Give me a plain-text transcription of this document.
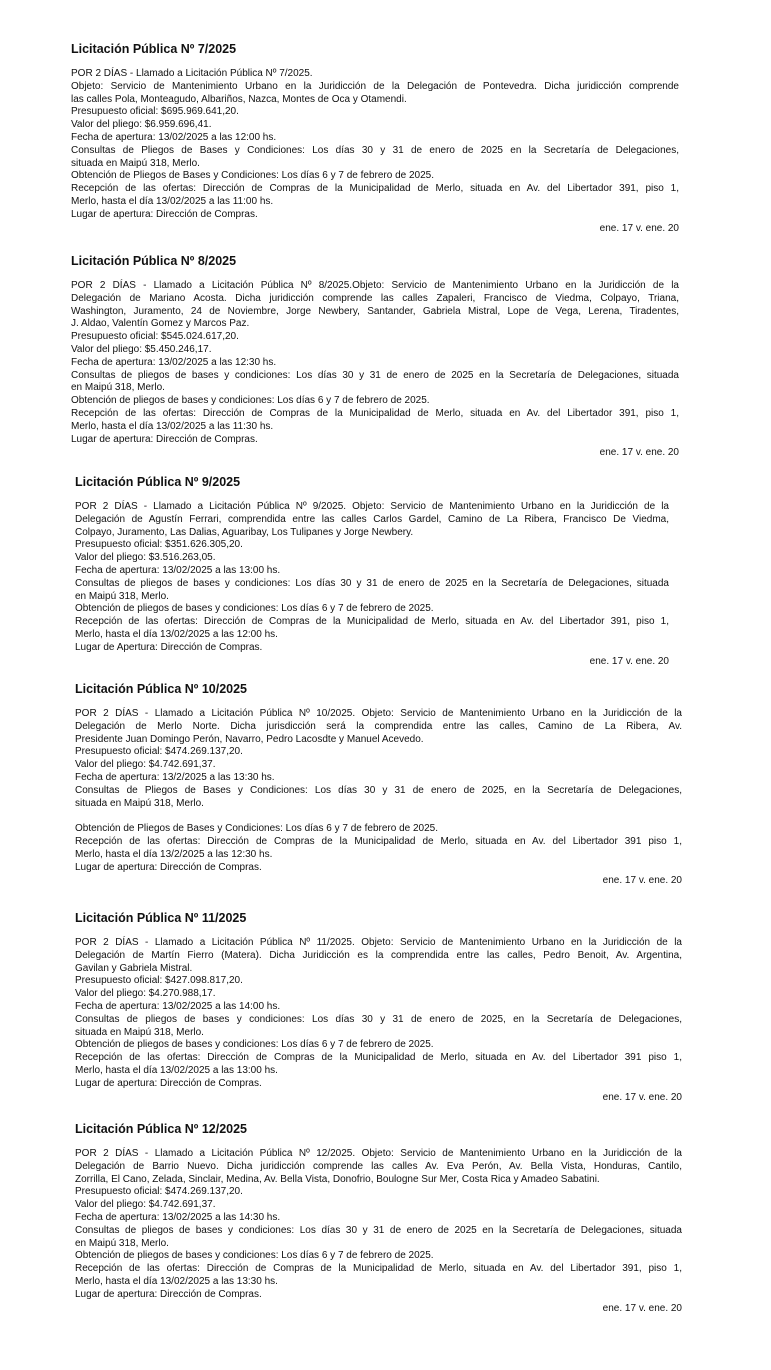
Licitación Pública Nº 7/2025
POR 2 DÍAS - Llamado a Licitación Pública Nº 7/2025.
Objeto: Servicio de Mantenimiento Urbano en la Juridicción de la Delegación de Pontevedra. Dicha juridicción comprende
las calles Pola, Monteagudo, Albariños, Nazca, Montes de Oca y Otamendi.
Presupuesto oficial: $695.969.641,20.
Valor del pliego: $6.959.696,41.
Fecha de apertura: 13/02/2025 a las 12:00 hs.
Consultas de Pliegos de Bases y Condiciones: Los días 30 y 31 de enero de 2025 en la Secretaría de Delegaciones,
situada en Maipú 318, Merlo.
Obtención de Pliegos de Bases y Condiciones: Los días 6 y 7 de febrero de 2025.
Recepción de las ofertas: Dirección de Compras de la Municipalidad de Merlo, situada en Av. del Libertador 391, piso 1,
Merlo, hasta el día 13/02/2025 a las 11:00 hs.
Lugar de apertura: Dirección de Compras.
ene. 17 v. ene. 20
Licitación Pública Nº 8/2025
POR 2 DÍAS - Llamado a Licitación Pública Nº 8/2025.Objeto: Servicio de Mantenimiento Urbano en la Juridicción de la
Delegación de Mariano Acosta. Dicha juridicción comprende las calles Zapaleri, Francisco de Viedma, Colpayo, Triana,
Washington, Juramento, 24 de Noviembre, Jorge Newbery, Santander, Gabriela Mistral, Lope de Vega, Lerena, Tiradentes,
J. Aldao, Valentín Gomez y Marcos Paz.
Presupuesto oficial: $545.024.617,20.
Valor del pliego: $5.450.246,17.
Fecha de apertura: 13/02/2025 a las 12:30 hs.
Consultas de pliegos de bases y condiciones: Los días 30 y 31 de enero de 2025 en la Secretaría de Delegaciones, situada
en Maipú 318, Merlo.
Obtención de pliegos de bases y condiciones: Los días 6 y 7 de febrero de 2025.
Recepción de las ofertas: Dirección de Compras de la Municipalidad de Merlo, situada en Av. del Libertador 391, piso 1,
Merlo, hasta el día 13/02/2025 a las 11:30 hs.
Lugar de apertura: Dirección de Compras.
ene. 17 v. ene. 20
Licitación Pública Nº 9/2025
POR 2 DÍAS - Llamado a Licitación Pública Nº 9/2025. Objeto: Servicio de Mantenimiento Urbano en la Juridicción de la
Delegación de Agustín Ferrari, comprendida entre las calles Carlos Gardel, Camino de La Ribera, Francisco De Viedma,
Colpayo, Juramento, Las Dalias, Aguaribay, Los Tulipanes y Jorge Newbery.
Presupuesto oficial: $351.626.305,20.
Valor del pliego: $3.516.263,05.
Fecha de apertura: 13/02/2025 a las 13:00 hs.
Consultas de pliegos de bases y condiciones: Los días 30 y 31 de enero de 2025 en la Secretaría de Delegaciones, situada
en Maipú 318, Merlo.
Obtención de pliegos de bases y condiciones: Los días 6 y 7 de febrero de 2025.
Recepción de las ofertas: Dirección de Compras de la Municipalidad de Merlo, situada en Av. del Libertador 391, piso 1,
Merlo, hasta el día 13/02/2025 a las 12:00 hs.
Lugar de Apertura: Dirección de Compras.
ene. 17 v. ene. 20
Licitación Pública Nº 10/2025
POR 2 DÍAS - Llamado a Licitación Pública Nº 10/2025. Objeto: Servicio de Mantenimiento Urbano en la Juridicción de la
Delegación de Merlo Norte. Dicha jurisdicción será la comprendida entre las calles, Camino de La Ribera, Av.
Presidente Juan Domingo Perón, Navarro, Pedro Lacosdte y Manuel Acevedo.
Presupuesto oficial: $474.269.137,20.
Valor del pliego: $4.742.691,37.
Fecha de apertura: 13/2/2025 a las 13:30 hs.
Consultas de Pliegos de Bases y Condiciones: Los días 30 y 31 de enero de 2025, en la Secretaría de Delegaciones,
situada en Maipú 318, Merlo.
Obtención de Pliegos de Bases y Condiciones: Los días 6 y 7 de febrero de 2025.
Recepción de las ofertas: Dirección de Compras de la Municipalidad de Merlo, situada en Av. del Libertador 391 piso 1,
Merlo, hasta el día 13/2/2025 a las 12:30 hs.
Lugar de apertura: Dirección de Compras.
ene. 17 v. ene. 20
Licitación Pública Nº 11/2025
POR 2 DÍAS - Llamado a Licitación Pública Nº 11/2025. Objeto: Servicio de Mantenimiento Urbano en la Juridicción de la
Delegación de Martín Fierro (Matera). Dicha Juridicción es la comprendida entre las calles, Pedro Benoit, Av. Argentina,
Gavilan y Gabriela Mistral.
Presupuesto oficial: $427.098.817,20.
Valor del pliego: $4.270.988,17.
Fecha de apertura: 13/02/2025 a las 14:00 hs.
Consultas de pliegos de bases y condiciones: Los días 30 y 31 de enero de 2025, en la Secretaría de Delegaciones,
situada en Maipú 318, Merlo.
Obtención de pliegos de bases y condiciones: Los días 6 y 7 de febrero de 2025.
Recepción de las ofertas: Dirección de Compras de la Municipalidad de Merlo, situada en Av. del Libertador 391 piso 1,
Merlo, hasta el día 13/02/2025 a las 13:00 hs.
Lugar de apertura: Dirección de Compras.
ene. 17 v. ene. 20
Licitación Pública Nº 12/2025
POR 2 DÍAS - Llamado a Licitación Pública Nº 12/2025. Objeto: Servicio de Mantenimiento Urbano en la Juridicción de la
Delegación de Barrio Nuevo. Dicha juridicción comprende las calles Av. Eva Perón, Av. Bella Vista, Honduras, Cantilo,
Zorrilla, El Cano, Zelada, Sinclair, Medina, Av. Bella Vista, Donofrio, Boulogne Sur Mer, Costa Rica y Amadeo Sabatini.
Presupuesto oficial: $474.269.137,20.
Valor del pliego: $4.742.691,37.
Fecha de apertura: 13/02/2025 a las 14:30 hs.
Consultas de pliegos de bases y condiciones: Los días 30 y 31 de enero de 2025 en la Secretaría de Delegaciones, situada
en Maipú 318, Merlo.
Obtención de pliegos de bases y condiciones: Los días 6 y 7 de febrero de 2025.
Recepción de las ofertas: Dirección de Compras de la Municipalidad de Merlo, situada en Av. del Libertador 391, piso 1,
Merlo, hasta el día 13/02/2025 a las 13:30 hs.
Lugar de apertura: Dirección de Compras.
ene. 17 v. ene. 20
